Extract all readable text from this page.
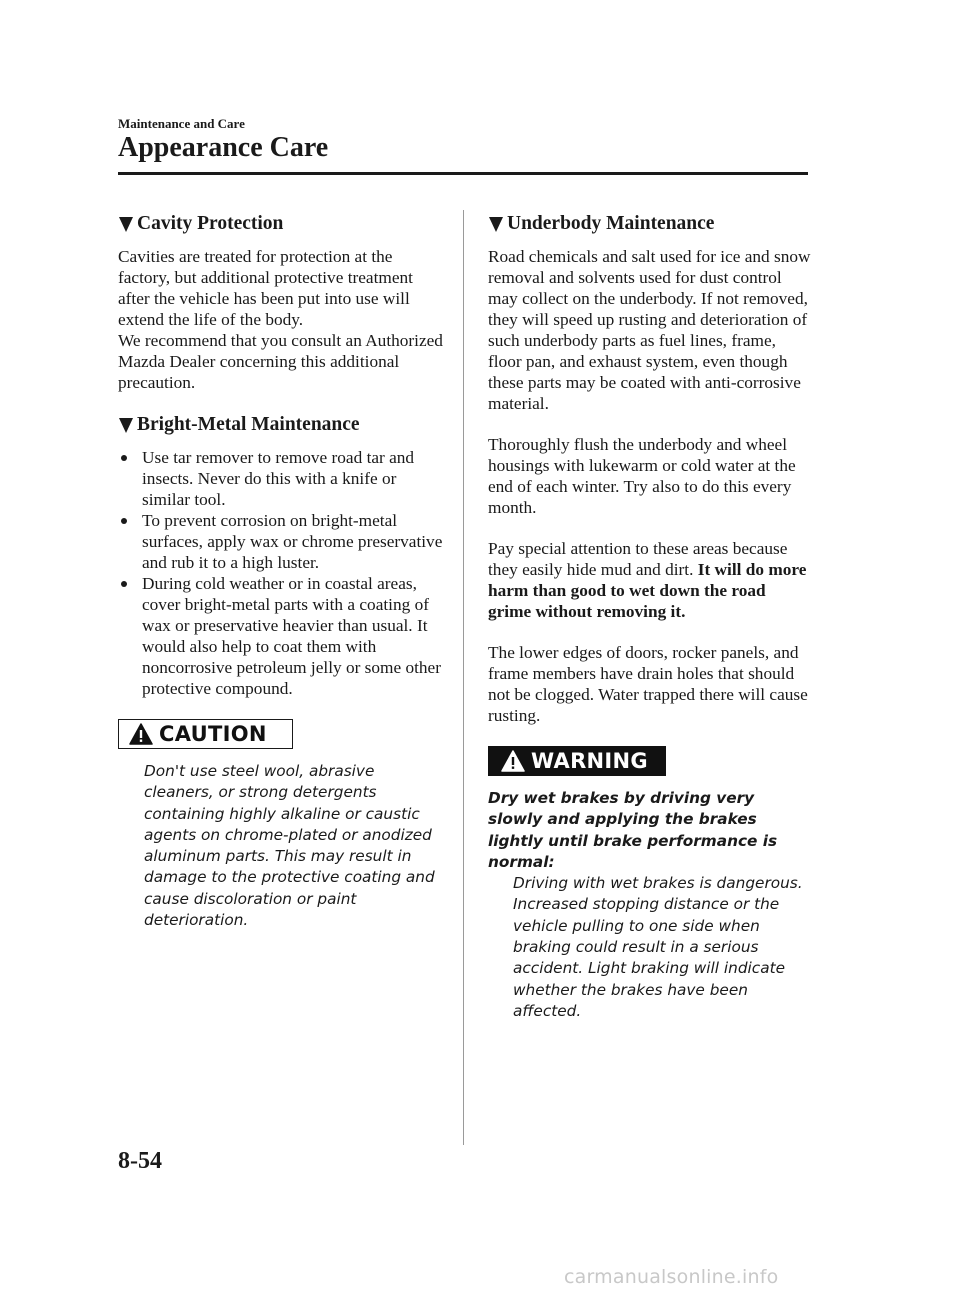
Maintenance and Care
Appearance Care
Cavity Protection

Cavities are treated for protection at the factory, but additional protective treatment after the vehicle has been put into use will extend the life of the body.

We recommend that you consult an Authorized Mazda Dealer concerning this additional precaution.

Bright-Metal Maintenance
Use tar remover to remove road tar and insects. Never do this with a knife or similar tool.
To prevent corrosion on bright-metal surfaces, apply wax or chrome preservative and rub it to a high luster.
During cold weather or in coastal areas, cover bright-metal parts with a coating of wax or preservative heavier than usual. It would also help to coat them with noncorrosive petroleum jelly or some other protective compound.
CAUTION

Don't use steel wool, abrasive cleaners, or strong detergents containing highly alkaline or caustic agents on chrome-plated or anodized aluminum parts. This may result in damage to the protective coating and cause discoloration or paint deterioration.

Underbody Maintenance

Road chemicals and salt used for ice and snow removal and solvents used for dust control may collect on the underbody. If not removed, they will speed up rusting and deterioration of such underbody parts as fuel lines, frame, floor pan, and exhaust system, even though these parts may be coated with anti-corrosive material.

Thoroughly flush the underbody and wheel housings with lukewarm or cold water at the end of each winter. Try also to do this every month.

Pay special attention to these areas because they easily hide mud and dirt. It will do more harm than good to wet down the road grime without removing it.

The lower edges of doors, rocker panels, and frame members have drain holes that should not be clogged. Water trapped there will cause rusting.

WARNING

Dry wet brakes by driving very slowly and applying the brakes lightly until brake performance is normal:

Driving with wet brakes is dangerous. Increased stopping distance or the vehicle pulling to one side when braking could result in a serious accident. Light braking will indicate whether the brakes have been affected.

8-54
carmanualsonline.info
